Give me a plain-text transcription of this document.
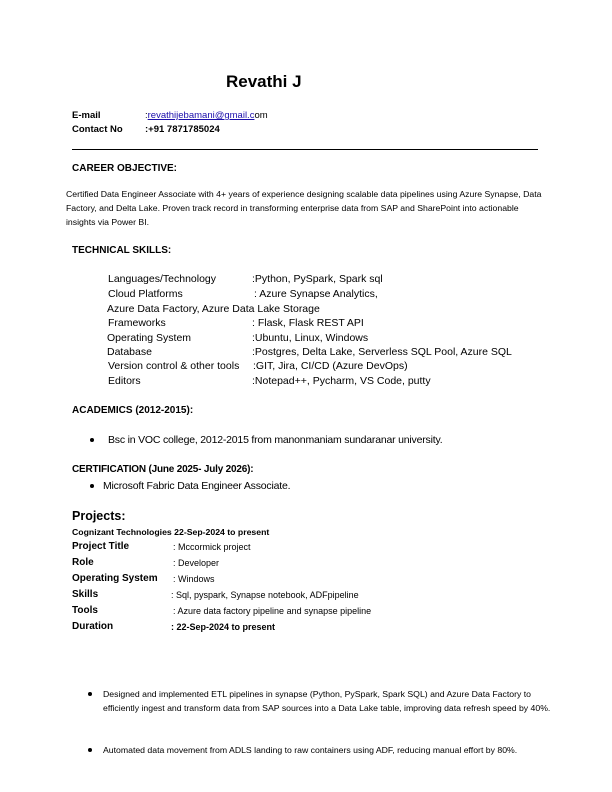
Revathi J
E-mail	:revathijebamani@gmail.com
Contact No :+91 7871785024
CAREER OBJECTIVE:
Certified Data Engineer Associate with 4+ years of experience designing scalable data pipelines using Azure Synapse, Data Factory, and Delta Lake. Proven track record in transforming enterprise data from SAP and SharePoint into actionable insights via Power BI.
TECHNICAL SKILLS:
Languages/Technology	:Python, PySpark, Spark sql
Cloud Platforms	: Azure Synapse Analytics,
Azure Data Factory, Azure Data Lake Storage
Frameworks	: Flask, Flask REST API
Operating System	:Ubuntu, Linux, Windows
Database	:Postgres, Delta Lake, Serverless SQL Pool, Azure SQL
Version control & other tools :GIT, Jira, CI/CD (Azure DevOps)
Editors	:Notepad++, Pycharm, VS Code, putty
ACADEMICS (2012-2015):
Bsc in VOC college, 2012-2015 from manonmaniam sundaranar university.
CERTIFICATION (June 2025- July 2026):
Microsoft Fabric Data Engineer Associate.
Projects:
Cognizant Technologies 22-Sep-2024 to present
Project Title	: Mccormick project
Role	: Developer
Operating System : Windows
Skills	: Sql, pyspark, Synapse notebook, ADFpipeline
Tools	: Azure data factory pipeline and synapse pipeline
Duration	: 22-Sep-2024 to present
Designed and implemented ETL pipelines in synapse (Python, PySpark, Spark SQL) and Azure Data Factory to efficiently ingest and transform data from SAP sources into a Data Lake table, improving data refresh speed by 40%.
Automated data movement from ADLS landing to raw containers using ADF, reducing manual effort by 80%.
